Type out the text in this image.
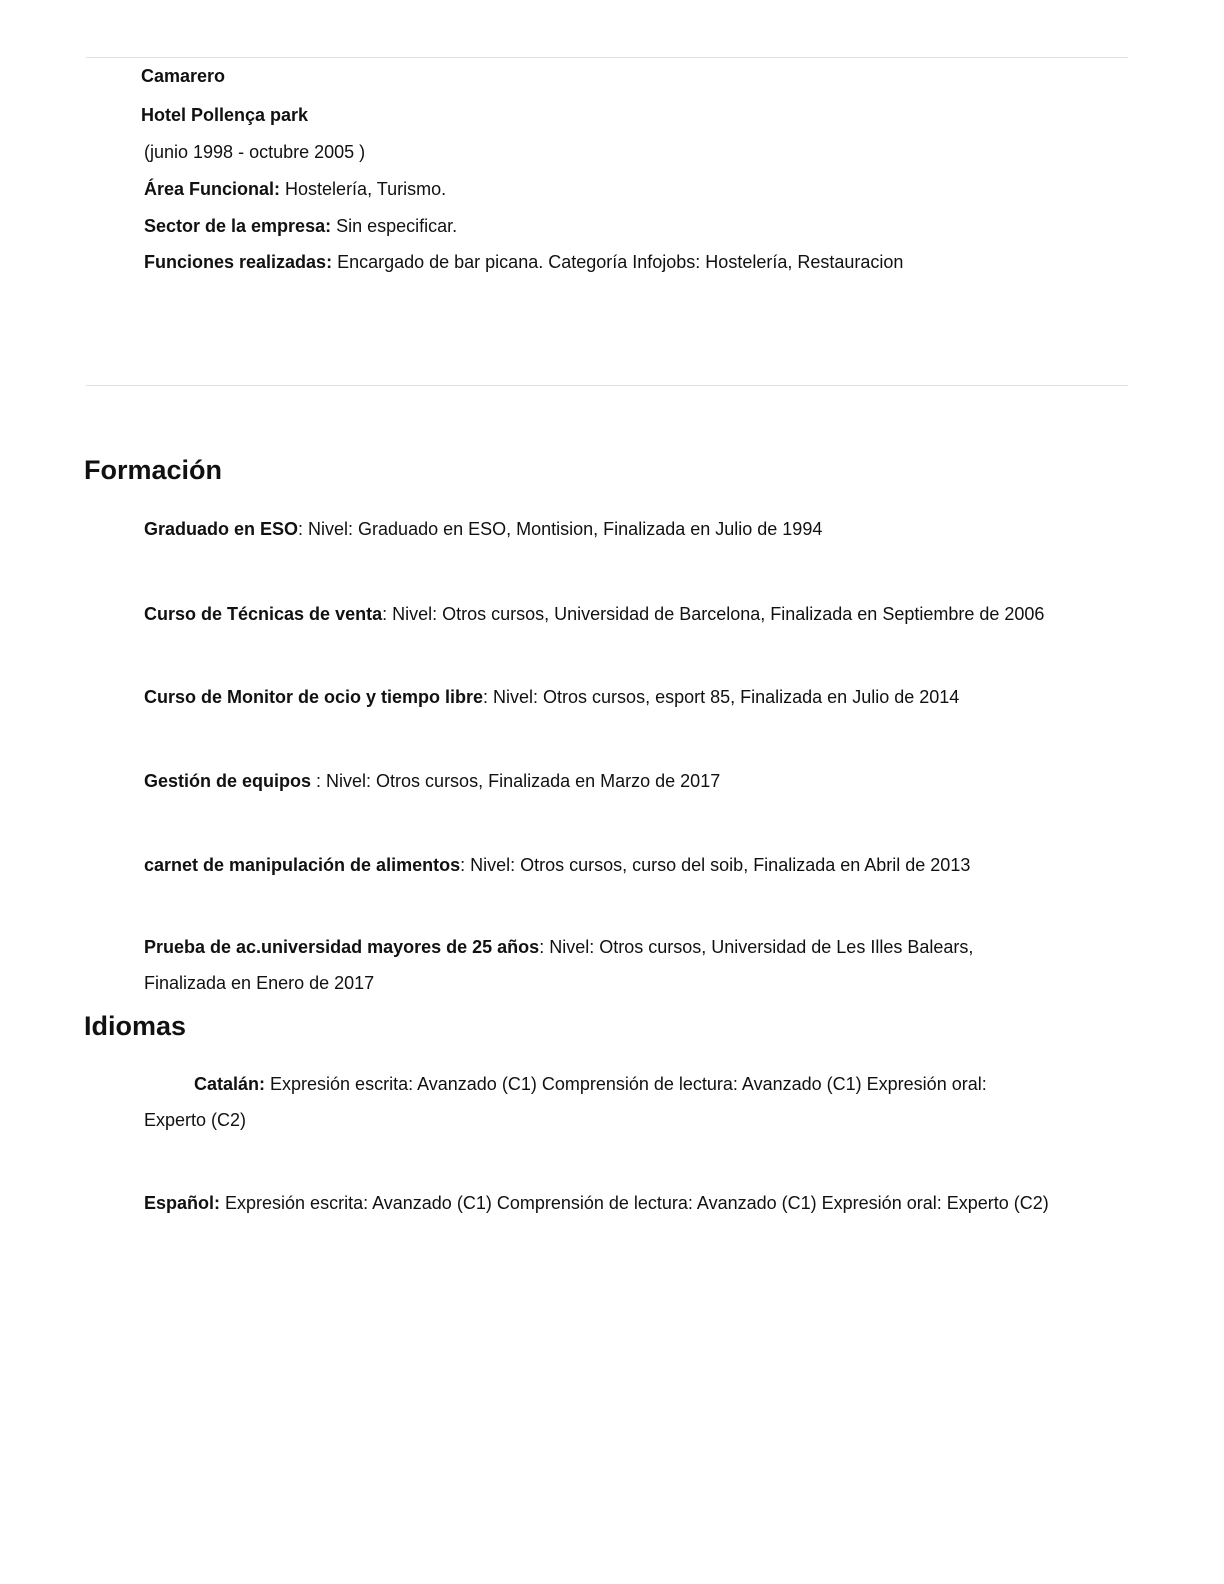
Camarero
Hotel Pollença park
(junio 1998 - octubre 2005 )
Área Funcional: Hostelería, Turismo.
Sector de la empresa: Sin especificar.
Funciones realizadas: Encargado de bar picana. Categoría Infojobs: Hostelería, Restauracion
Formación
Graduado en ESO: Nivel: Graduado en ESO, Montision, Finalizada en Julio de 1994
Curso de Técnicas de venta: Nivel: Otros cursos, Universidad de Barcelona, Finalizada en Septiembre de 2006
Curso de Monitor de ocio y tiempo libre: Nivel: Otros cursos, esport 85, Finalizada en Julio de 2014
Gestión de equipos : Nivel: Otros cursos, Finalizada en Marzo de 2017
carnet de manipulación de alimentos: Nivel: Otros cursos, curso del soib, Finalizada en Abril de 2013
Prueba de ac.universidad mayores de 25 años: Nivel: Otros cursos, Universidad de Les Illes Balears,
Finalizada en Enero de 2017
Idiomas
Catalán: Expresión escrita: Avanzado (C1) Comprensión de lectura: Avanzado (C1) Expresión oral:
Experto (C2)
Español: Expresión escrita: Avanzado (C1) Comprensión de lectura: Avanzado (C1) Expresión oral: Experto (C2)
